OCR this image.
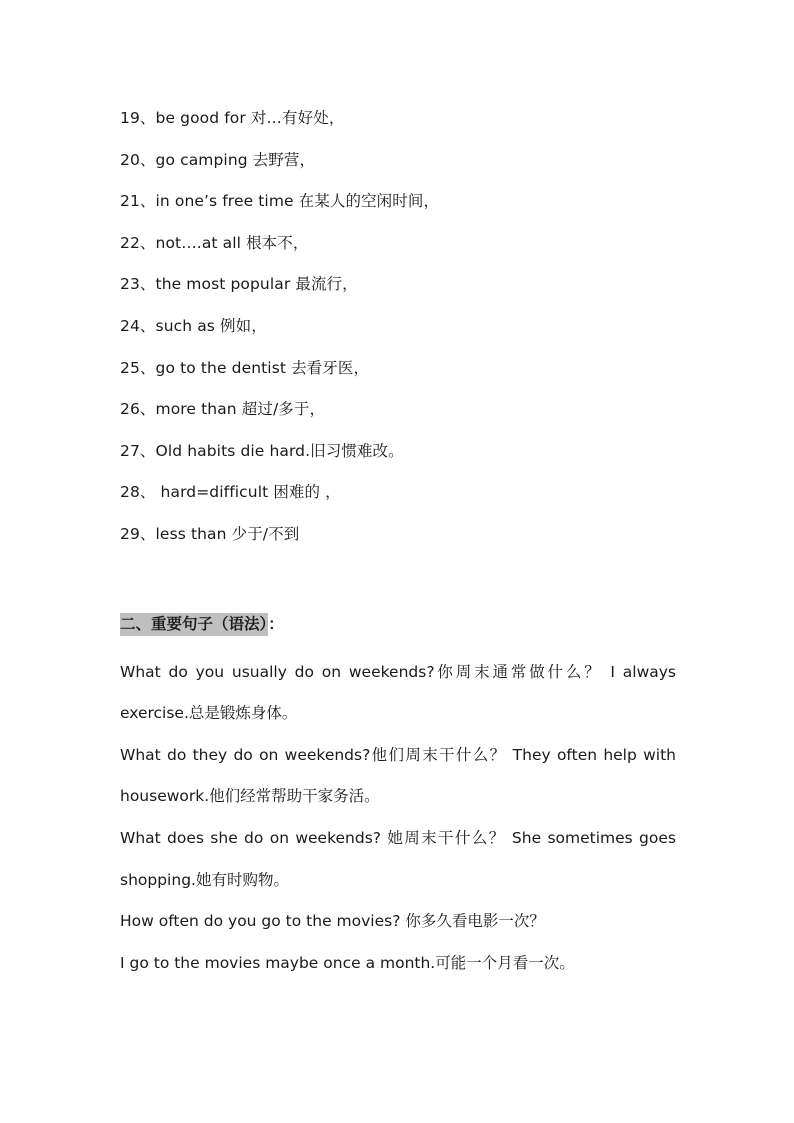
19、be good for 对…有好处，
20、go camping 去野营，
21、in one’s free time 在某人的空闲时间，
22、not….at all 根本不，
23、the most popular 最流行，
24、such as 例如，
25、go to the dentist 去看牙医，
26、more than 超过/多于，
27、Old habits die hard.旧习惯难改。
28、 hard=difficult 困难的 ，
29、less than 少于/不到
二、重要句子（语法）：

What do you usually do on weekends?你周末通常做什么？ I always exercise.总是锻炼身体。

What do they do on weekends?他们周末干什么？ They often help with housework.他们经常帮助干家务活。

What does she do on weekends? 她周末干什么？ She sometimes goes shopping.她有时购物。

How often do you go to the movies? 你多久看电影一次？

I go to the movies maybe once a month.可能一个月看一次。
